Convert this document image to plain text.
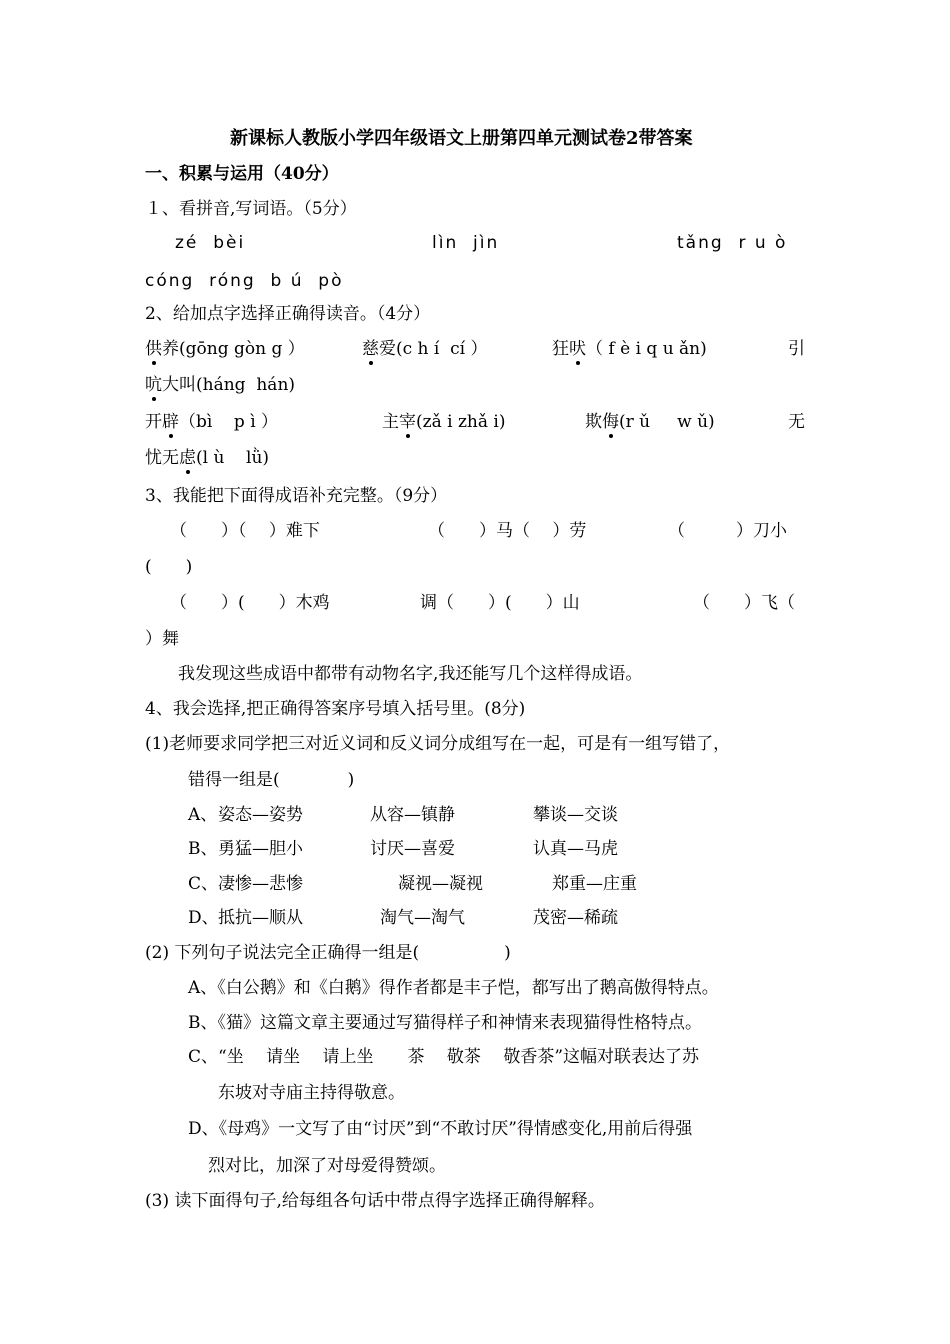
新课标人教版小学四年级语文上册第四单元测试卷2带答案
一、积累与运用（40分）
１、看拼音,写词语。（5分）
zé  bèi	lìn  jìn	tǎng  r u ò
cóng  róng  b ú  pò
2、给加点字选择正确得读音。（4分）
供养(gōng gòn g ）	慈爱(c h í  cí ）	狂吠（ f è i q u ǎn)	引
吭大叫(háng  hán)
开辟（bì    p ì ）	主宰(zǎ i zhǎ i)	欺侮(r ǔ     w ǔ)	无
忧无虑(l ù    lǜ)
3、我能把下面得成语补充完整。（9分）
（　　）（　 ）难下	（　　）马（　 ）劳	（　　　）刀小
(　　)
（　　）(　　）木鸡	调（　　）(　　）山	（　　）飞（
）舞
我发现这些成语中都带有动物名字,我还能写几个这样得成语。
4、我会选择,把正确得答案序号填入括号里。(8分)
(1)老师要求同学把三对近义词和反义词分成组写在一起，可是有一组写错了，
错得一组是(　　　　)
A、 姿态—姿势	从容—镇静	攀谈—交谈
B、 勇猛—胆小	讨厌—喜爱	认真—马虎
C、 凄惨—悲惨	凝视—凝视	郑重—庄重
D、 抵抗—顺从	淘气—淘气	茂密—稀疏
(2) 下列句子说法完全正确得一组是(　　　　　)
A、《白公鹅》和《白鹅》得作者都是丰子恺，都写出了鹅高傲得特点。
B、《猫》这篇文章主要通过写猫得样子和神情来表现猫得性格特点。
C、“坐　 请坐　 请上坐　　茶　 敬茶　 敬香茶”这幅对联表达了苏
东坡对寺庙主持得敬意。
D、《母鸡》一文写了由“讨厌”到“不敢讨厌”得情感变化,用前后得强
烈对比，加深了对母爱得赞颂。
(3) 读下面得句子,给每组各句话中带点得字选择正确得解释。
